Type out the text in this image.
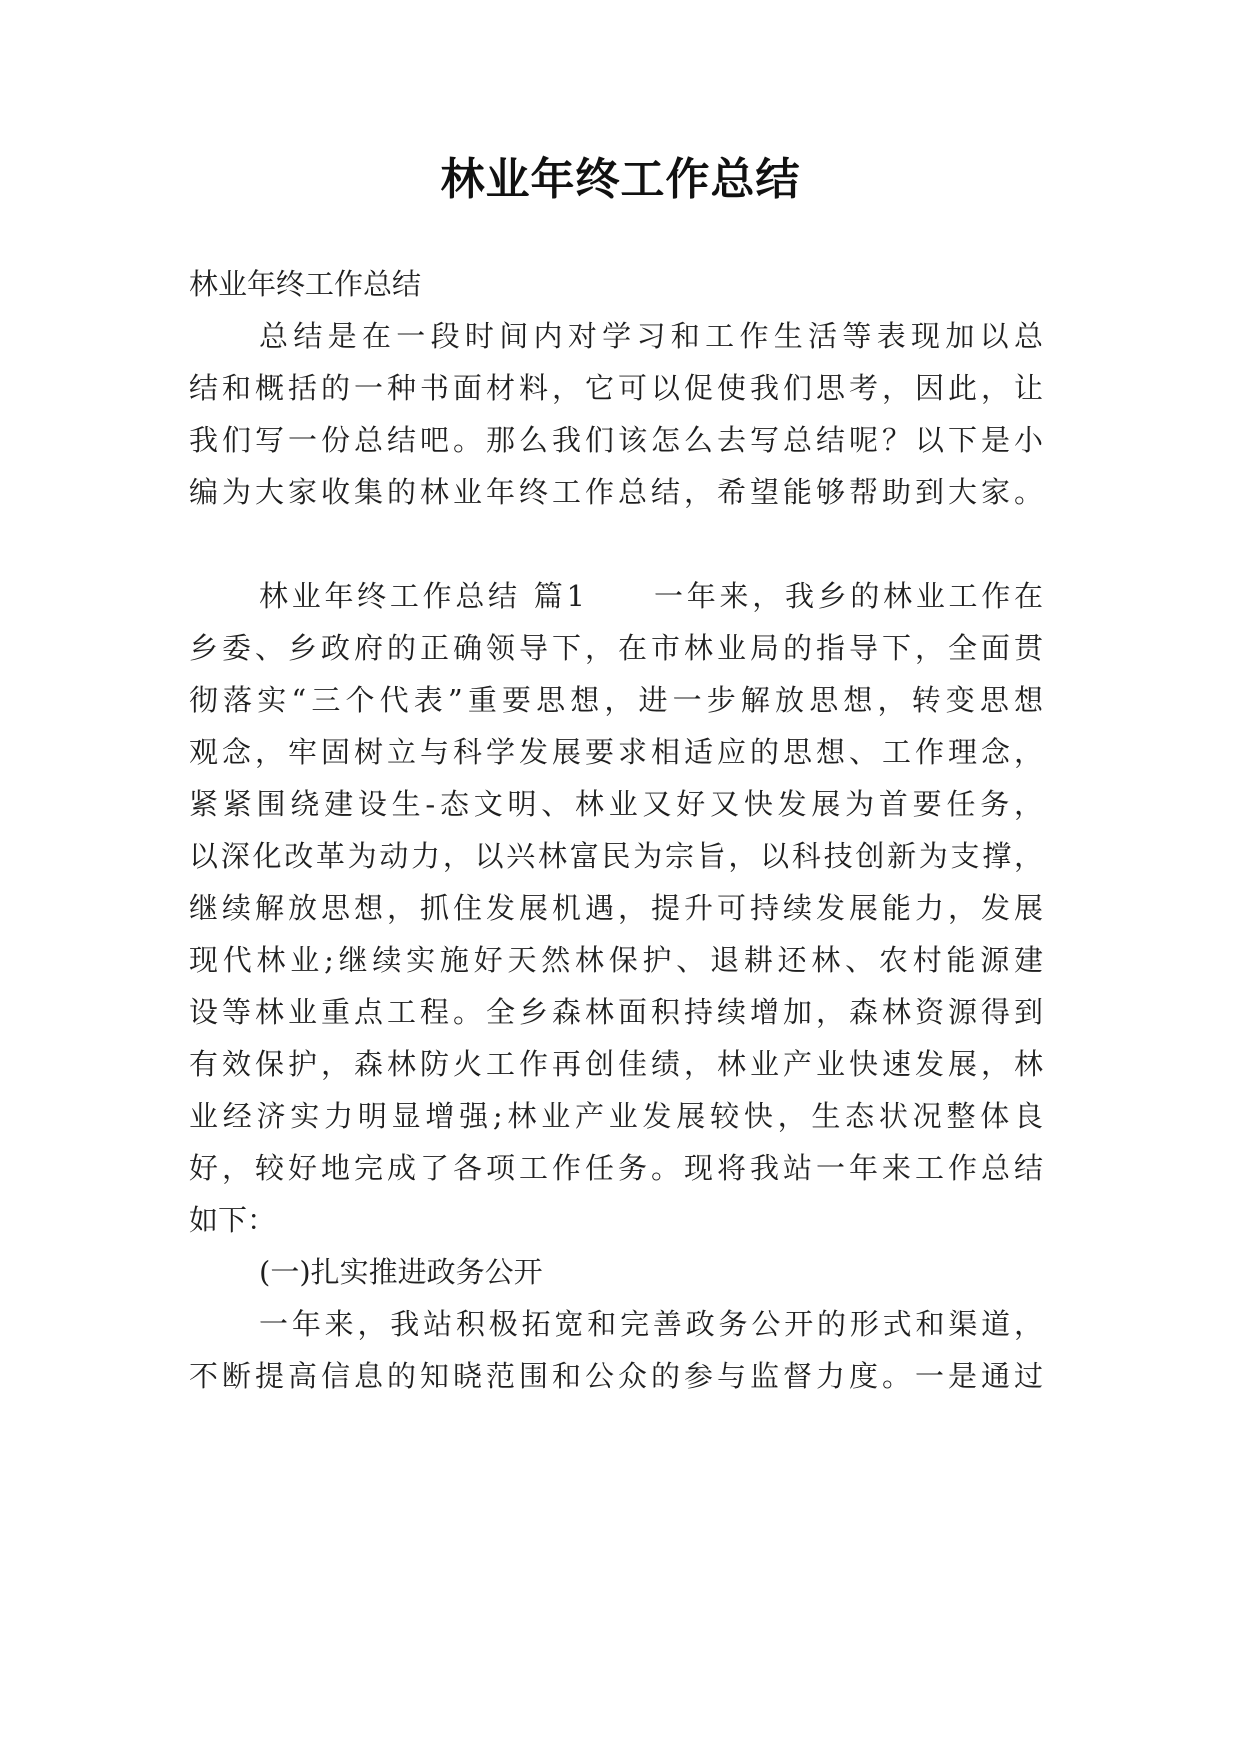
林业年终工作总结
林业年终工作总结
总结是在一段时间内对学习和工作生活等表现加以总
结和概括的一种书面材料，它可以促使我们思考，因此，让
我们写一份总结吧。那么我们该怎么去写总结呢？以下是小
编为大家收集的林业年终工作总结，希望能够帮助到大家。
林业年终工作总结 篇1　　一年来，我乡的林业工作在
乡委、乡政府的正确领导下，在市林业局的指导下，全面贯
彻落实“三个代表”重要思想，进一步解放思想，转变思想
观念，牢固树立与科学发展要求相适应的思想、工作理念，
紧紧围绕建设生-态文明、林业又好又快发展为首要任务，
以深化改革为动力，以兴林富民为宗旨，以科技创新为支撑，
继续解放思想，抓住发展机遇，提升可持续发展能力，发展
现代林业;继续实施好天然林保护、退耕还林、农村能源建
设等林业重点工程。全乡森林面积持续增加，森林资源得到
有效保护，森林防火工作再创佳绩，林业产业快速发展，林
业经济实力明显增强;林业产业发展较快，生态状况整体良
好，较好地完成了各项工作任务。现将我站一年来工作总结
如下：
(一)扎实推进政务公开
一年来，我站积极拓宽和完善政务公开的形式和渠道，
不断提高信息的知晓范围和公众的参与监督力度。一是通过
